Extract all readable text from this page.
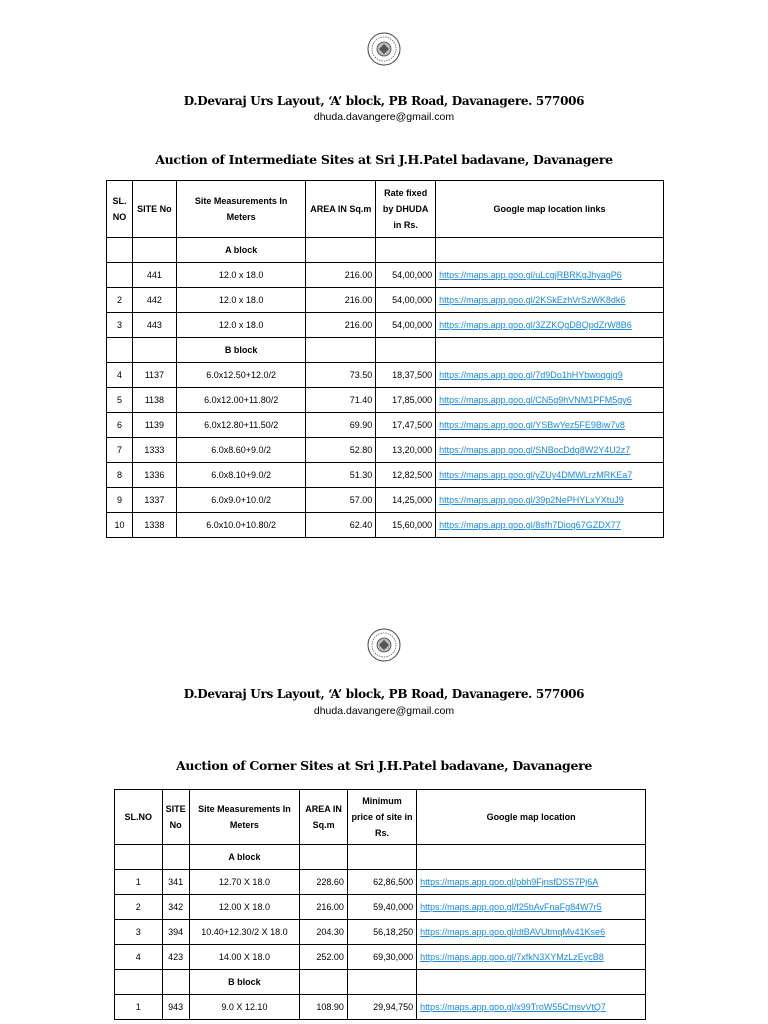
D.Devaraj Urs Layout, ‘A’ block, PB Road, Davanagere. 577006
dhuda.davangere@gmail.com
Auction of Intermediate Sites at Sri J.H.Patel badavane, Davanagere
SL. NO	SITE No	Site Measurements In Meters	AREA IN Sq.m	Rate fixed by DHUDA in Rs.	Google map location links
		A block			
	441	12.0 x 18.0	216.00	54,00,000	https://maps.app.goo.gl/uLcgjRBRKgJhyagP6
2	442	12.0 x 18.0	216.00	54,00,000	https://maps.app.goo.gl/2KSkEzhVrSzWK8dk6
3	443	12.0 x 18.0	216.00	54,00,000	https://maps.app.goo.gl/3ZZKQgDBQpdZrW8B6
		B block			
4	1137	6.0x12.50+12.0/2	73.50	18,37,500	https://maps.app.goo.gl/7d9Do1hHYbwoqgjg9
5	1138	6.0x12.00+11.80/2	71.40	17,85,000	https://maps.app.goo.gl/CN5g9hVNM1PFM5gy6
6	1139	6.0x12.80+11.50/2	69.90	17,47,500	https://maps.app.goo.gl/YSBwYez5FE9Biw7v8
7	1333	6.0x8.60+9.0/2	52.80	13,20,000	https://maps.app.goo.gl/SNBocDdg8W2Y4U2z7
8	1336	6.0x8.10+9.0/2	51.30	12,82,500	https://maps.app.goo.gl/yZUy4DMWLrzMRKEa7
9	1337	6.0x9.0+10.0/2	57.00	14,25,000	https://maps.app.goo.gl/39p2NePHYLxYXtuJ9
10	1338	6.0x10.0+10.80/2	62.40	15,60,000	https://maps.app.goo.gl/8sfh7Dioq67GZDX77
D.Devaraj Urs Layout, ‘A’ block, PB Road, Davanagere. 577006
dhuda.davangere@gmail.com
Auction of Corner Sites at Sri J.H.Patel badavane, Davanagere
SL.NO	SITE No	Site Measurements In Meters	AREA IN Sq.m	Minimum price of site in Rs.	Google map location
		A block			
1	341	12.70 X 18.0	228.60	62,86,500	https://maps.app.goo.gl/pbh9FjnsfDSS7Pj6A
2	342	12.00 X 18.0	216.00	59,40,000	https://maps.app.goo.gl/f25bAvFnaFg84W7r5
3	394	10.40+12.30/2 X 18.0	204.30	56,18,250	https://maps.app.goo.gl/dtBAVUtmqMv41Kse6
4	423	14.00 X 18.0	252.00	69,30,000	https://maps.app.goo.gl/7xfkN3XYMzLzEycB8
		B block			
1	943	9.0 X 12.10	108.90	29,94,750	https://maps.app.goo.gl/x99TroW55CmsvVtQ7
